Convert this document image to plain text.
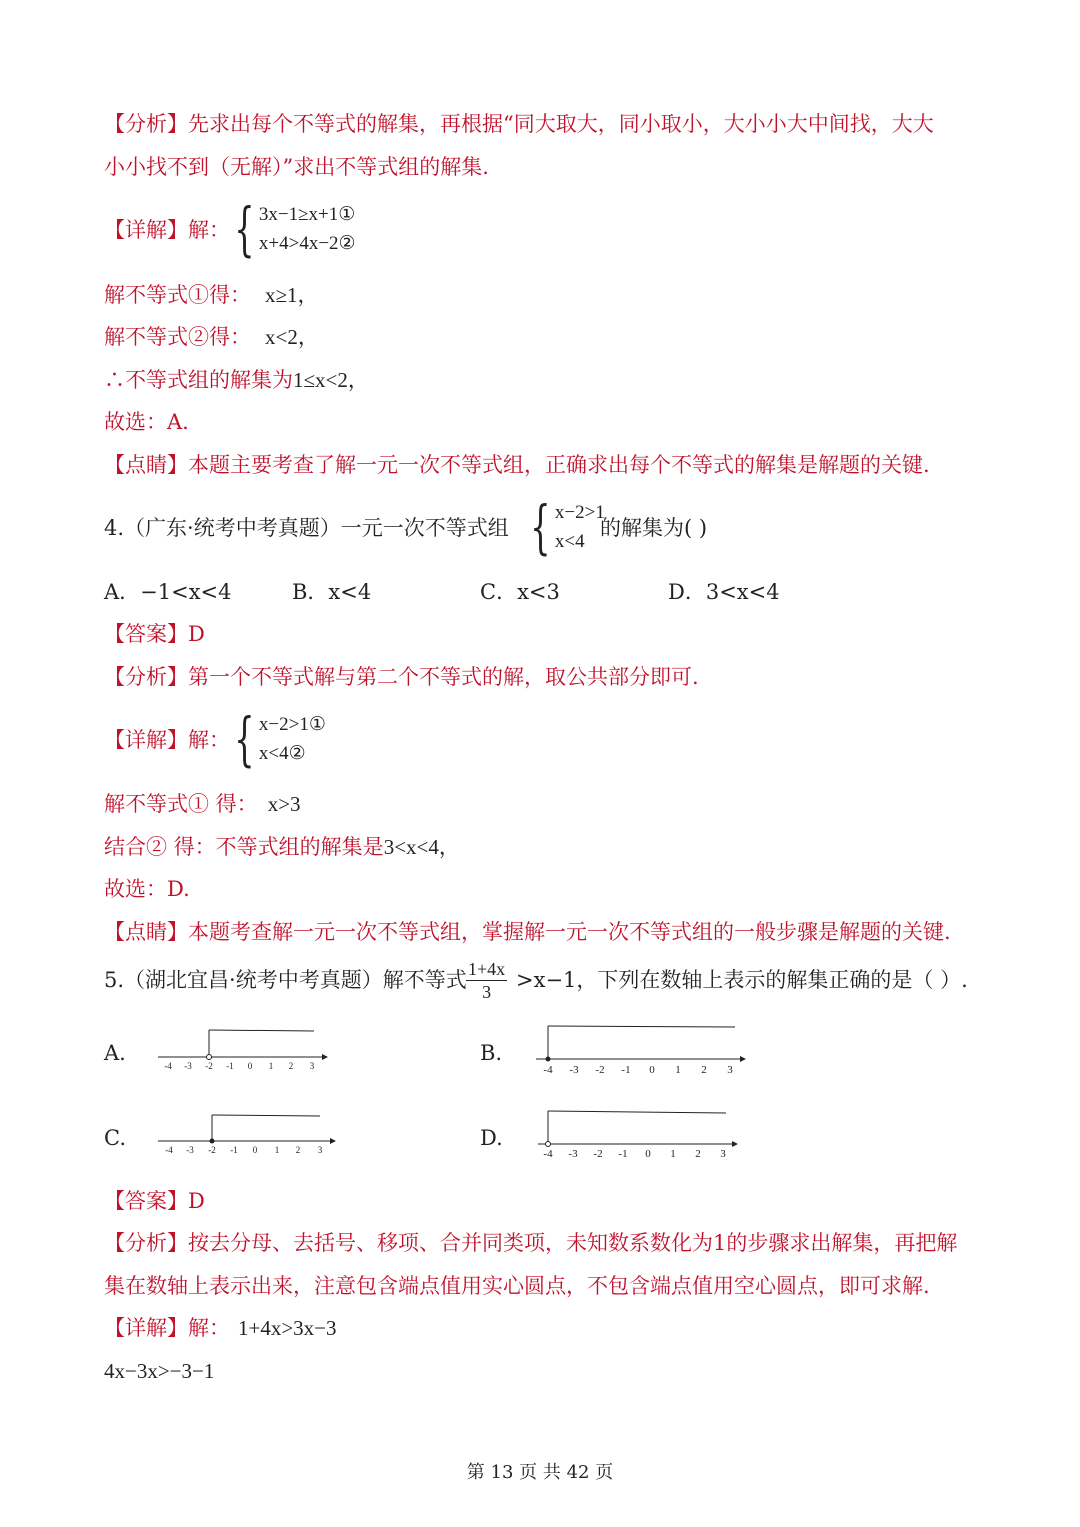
【分析】先求出每个不等式的解集，再根据“同大取大，同小取小，大小小大中间找，大大
小小找不到（无解）”求出不等式组的解集.
【详解】解： { 3x−1≥x+1①
x+4>4x−2②
解不等式①得： x≥1，
解不等式②得： x<2，
∴不等式组的解集为1≤x<2，
故选：A.
【点睛】本题主要考查了解一元一次不等式组，正确求出每个不等式的解集是解题的关键.
4.（广东·统考中考真题）一元一次不等式组 { x−2>1
x<4
的解集为( )
A．−1<x<4	B．x<4	C．x<3	D．3<x<4
【答案】D
【分析】第一个不等式解与第二个不等式的解，取公共部分即可.
【详解】解： { x−2>1①
x<4②
解不等式① 得： x>3
结合② 得：不等式组的解集是3<x<4，
故选：D.
【点睛】本题考查解一元一次不等式组，掌握解一元一次不等式组的一般步骤是解题的关键.
5.（湖北宜昌·统考中考真题）解不等式 $\frac{1+4x}{3} >x-1$，下列在数轴上表示的解集正确的是（ ）.
A.	B.
C.	D.
-4 -3 -2 -1 0 1 2 3	-4 -3 -2 -1 0 1 2 3
-4 -3 -2 -1 0 1 2 3	-4 -3 -2 -1 0 1 2 3
【答案】D
【分析】按去分母、去括号、移项、合并同类项，未知数系数化为1的步骤求出解集，再把解
集在数轴上表示出来，注意包含端点值用实心圆点，不包含端点值用空心圆点，即可求解.
【详解】解： 1+4x>3x−3
4x−3x>−3−1
第 13 页 共 42 页
